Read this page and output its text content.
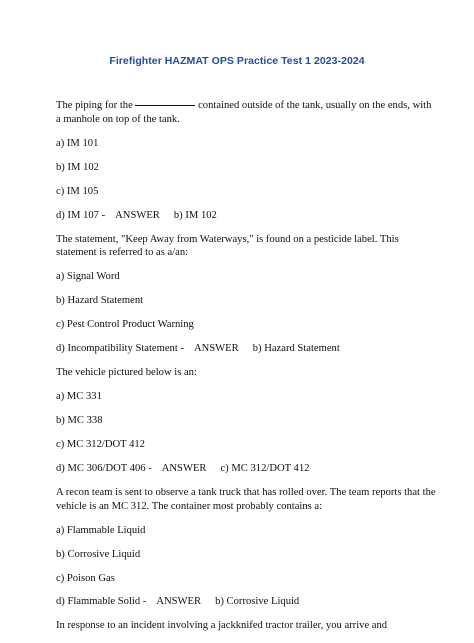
Firefighter HAZMAT OPS Practice Test 1 2023-2024
The piping for the	contained outside of the tank, usually on the ends, with a manhole on top of the tank.
a) IM 101
b) IM 102
c) IM 105
d) IM 107 - ANSWER b) IM 102
The statement, "Keep Away from Waterways," is found on a pesticide label. This statement is referred to as a/an:
a) Signal Word
b) Hazard Statement
c) Pest Control Product Warning
d) Incompatibility Statement - ANSWER b) Hazard Statement
The vehicle pictured below is an:
a) MC 331
b) MC 338
c) MC 312/DOT 412
d) MC 306/DOT 406 - ANSWER c) MC 312/DOT 412
A recon team is sent to observe a tank truck that has rolled over. The team reports that the vehicle is an MC 312. The container most probably contains a:
a) Flammable Liquid
b) Corrosive Liquid
c) Poison Gas
d) Flammable Solid - ANSWER b) Corrosive Liquid
In response to an incident involving a jackknifed tractor trailer, you arrive and
